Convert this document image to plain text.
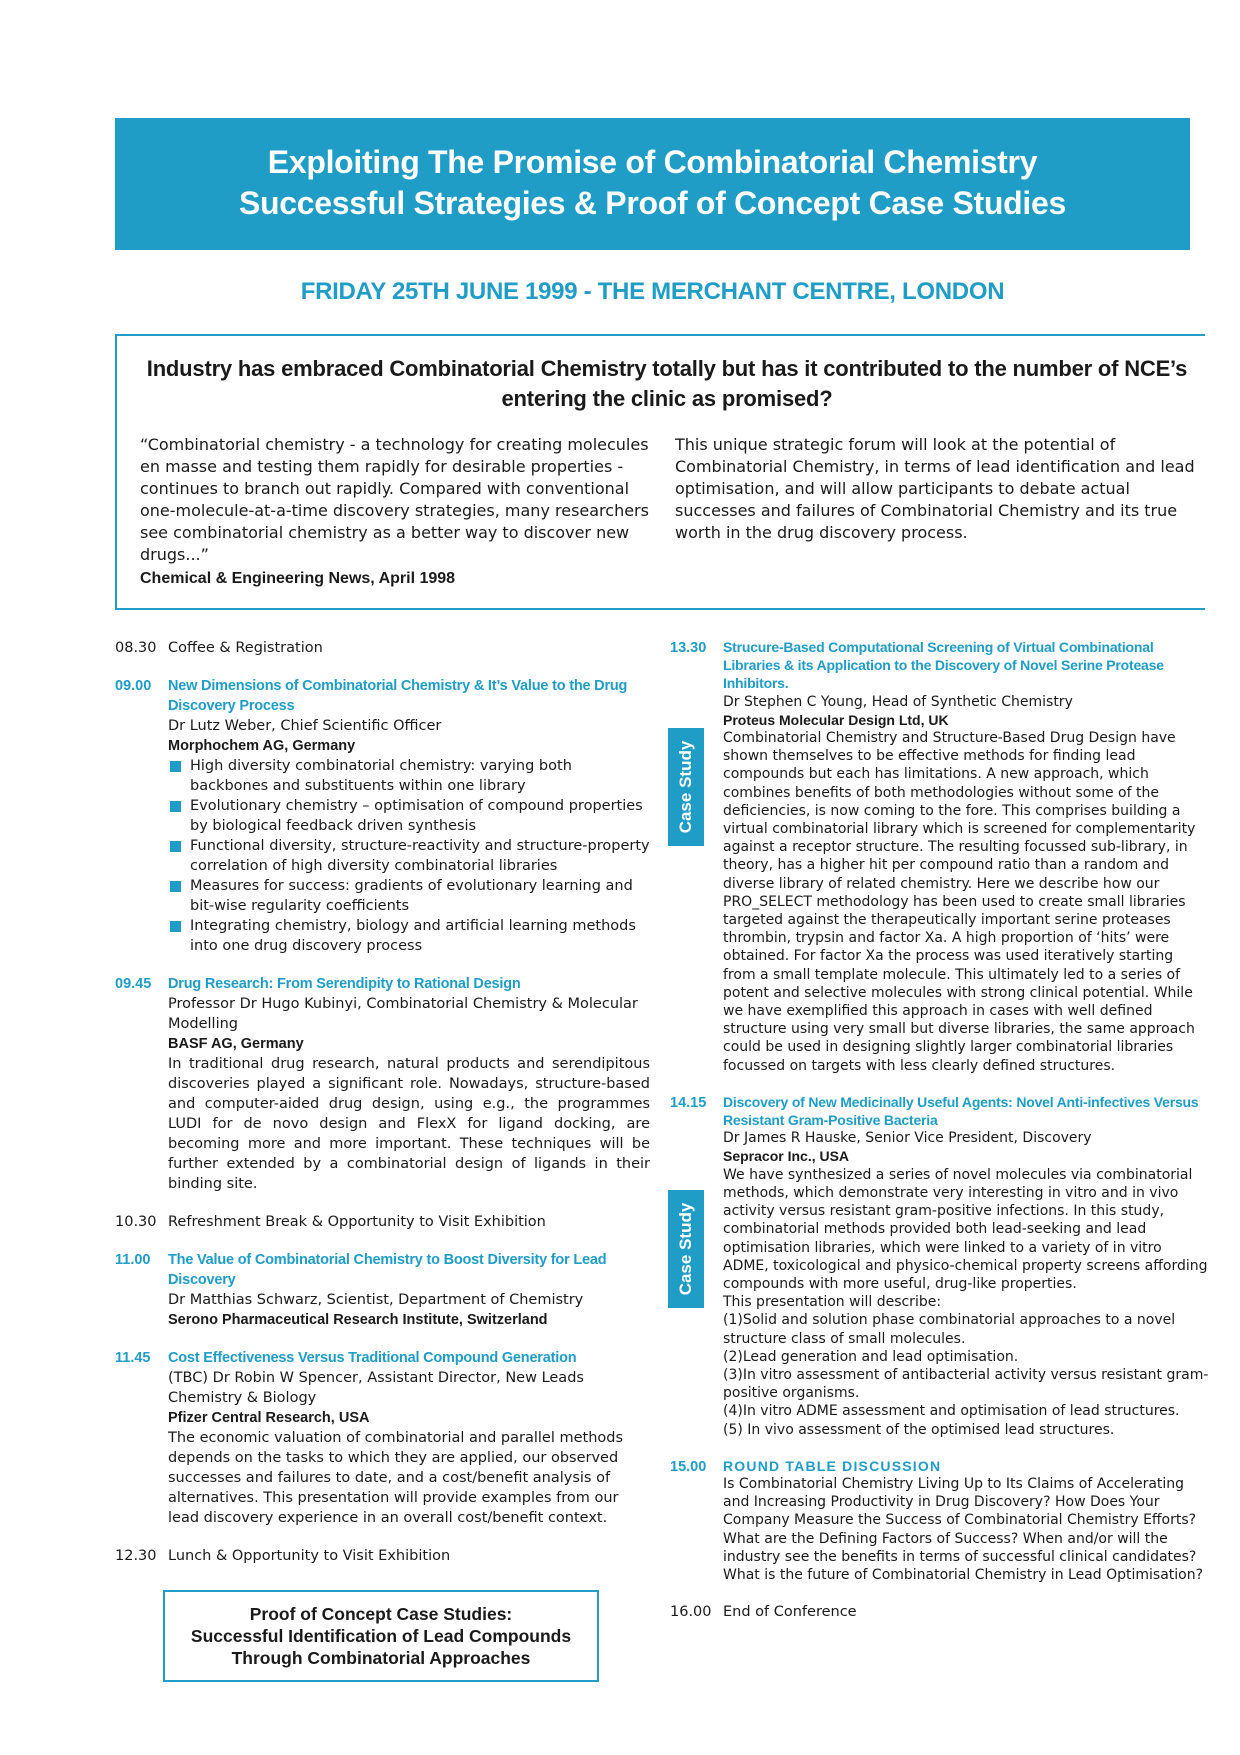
Exploiting The Promise of Combinatorial Chemistry
Successful Strategies & Proof of Concept Case Studies
FRIDAY 25TH JUNE 1999 - THE MERCHANT CENTRE, LONDON
Industry has embraced Combinatorial Chemistry totally but has it contributed to the number of NCE’s entering the clinic as promised?
“Combinatorial chemistry - a technology for creating molecules en masse and testing them rapidly for desirable properties - continues to branch out rapidly. Compared with conventional one-molecule-at-a-time discovery strategies, many researchers see combinatorial chemistry as a better way to discover new drugs...”
Chemical & Engineering News, April 1998
This unique strategic forum will look at the potential of Combinatorial Chemistry, in terms of lead identification and lead optimisation, and will allow participants to debate actual successes and failures of Combinatorial Chemistry and its true worth in the drug discovery process.
08.30 Coffee & Registration
09.00	New Dimensions of Combinatorial Chemistry & It’s Value to the Drug Discovery Process
Dr Lutz Weber, Chief Scientific Officer
Morphochem AG, Germany
High diversity combinatorial chemistry: varying both backbones and substituents within one library
Evolutionary chemistry – optimisation of compound properties by biological feedback driven synthesis
Functional diversity, structure-reactivity and structure-property correlation of high diversity combinatorial libraries
Measures for success: gradients of evolutionary learning and bit-wise regularity coefficients
Integrating chemistry, biology and artificial learning methods into one drug discovery process
09.45	Drug Research: From Serendipity to Rational Design
Professor Dr Hugo Kubinyi, Combinatorial Chemistry & Molecular Modelling
BASF AG, Germany
In traditional drug research, natural products and serendipitous discoveries played a significant role. Nowadays, structure-based and computer-aided drug design, using e.g., the programmes LUDI for de novo design and FlexX for ligand docking, are becoming more and more important. These techniques will be further extended by a combinatorial design of ligands in their binding site.
10.30 Refreshment Break & Opportunity to Visit Exhibition
11.00	The Value of Combinatorial Chemistry to Boost Diversity for Lead Discovery
Dr Matthias Schwarz, Scientist, Department of Chemistry
Serono Pharmaceutical Research Institute, Switzerland
11.45	Cost Effectiveness Versus Traditional Compound Generation
(TBC) Dr Robin W Spencer, Assistant Director, New Leads Chemistry & Biology
Pfizer Central Research, USA
The economic valuation of combinatorial and parallel methods depends on the tasks to which they are applied, our observed successes and failures to date, and a cost/benefit analysis of alternatives. This presentation will provide examples from our lead discovery experience in an overall cost/benefit context.
12.30 Lunch & Opportunity to Visit Exhibition
Proof of Concept Case Studies:
Successful Identification of Lead Compounds
Through Combinatorial Approaches
Case Study
Case Study
13.30	Strucure-Based Computational Screening of Virtual Combinational Libraries & its Application to the Discovery of Novel Serine Protease Inhibitors.
Dr Stephen C Young, Head of Synthetic Chemistry
Proteus Molecular Design Ltd, UK
Combinatorial Chemistry and Structure-Based Drug Design have shown themselves to be effective methods for finding lead compounds but each has limitations. A new approach, which combines benefits of both methodologies without some of the deficiencies, is now coming to the fore. This comprises building a virtual combinatorial library which is screened for complementarity against a receptor structure. The resulting focussed sub-library, in theory, has a higher hit per compound ratio than a random and diverse library of related chemistry. Here we describe how our PRO_SELECT methodology has been used to create small libraries targeted against the therapeutically important serine proteases thrombin, trypsin and factor Xa. A high proportion of ‘hits’ were obtained. For factor Xa the process was used iteratively starting from a small template molecule. This ultimately led to a series of potent and selective molecules with strong clinical potential. While we have exemplified this approach in cases with well defined structure using very small but diverse libraries, the same approach could be used in designing slightly larger combinatorial libraries focussed on targets with less clearly defined structures.
14.15	Discovery of New Medicinally Useful Agents: Novel Anti-infectives Versus Resistant Gram-Positive Bacteria
Dr James R Hauske, Senior Vice President, Discovery
Sepracor Inc., USA
We have synthesized a series of novel molecules via combinatorial methods, which demonstrate very interesting in vitro and in vivo activity versus resistant gram-positive infections. In this study, combinatorial methods provided both lead-seeking and lead optimisation libraries, which were linked to a variety of in vitro ADME, toxicological and physico-chemical property screens affording compounds with more useful, drug-like properties.
This presentation will describe:
(1)Solid and solution phase combinatorial approaches to a novel structure class of small molecules.
(2)Lead generation and lead optimisation.
(3)In vitro assessment of antibacterial activity versus resistant gram-positive organisms.
(4)In vitro ADME assessment and optimisation of lead structures.
(5) In vivo assessment of the optimised lead structures.
15.00	ROUND TABLE DISCUSSION
Is Combinatorial Chemistry Living Up to Its Claims of Accelerating and Increasing Productivity in Drug Discovery? How Does Your Company Measure the Success of Combinatorial Chemistry Efforts? What are the Defining Factors of Success? When and/or will the industry see the benefits in terms of successful clinical candidates? What is the future of Combinatorial Chemistry in Lead Optimisation?
16.00 End of Conference
